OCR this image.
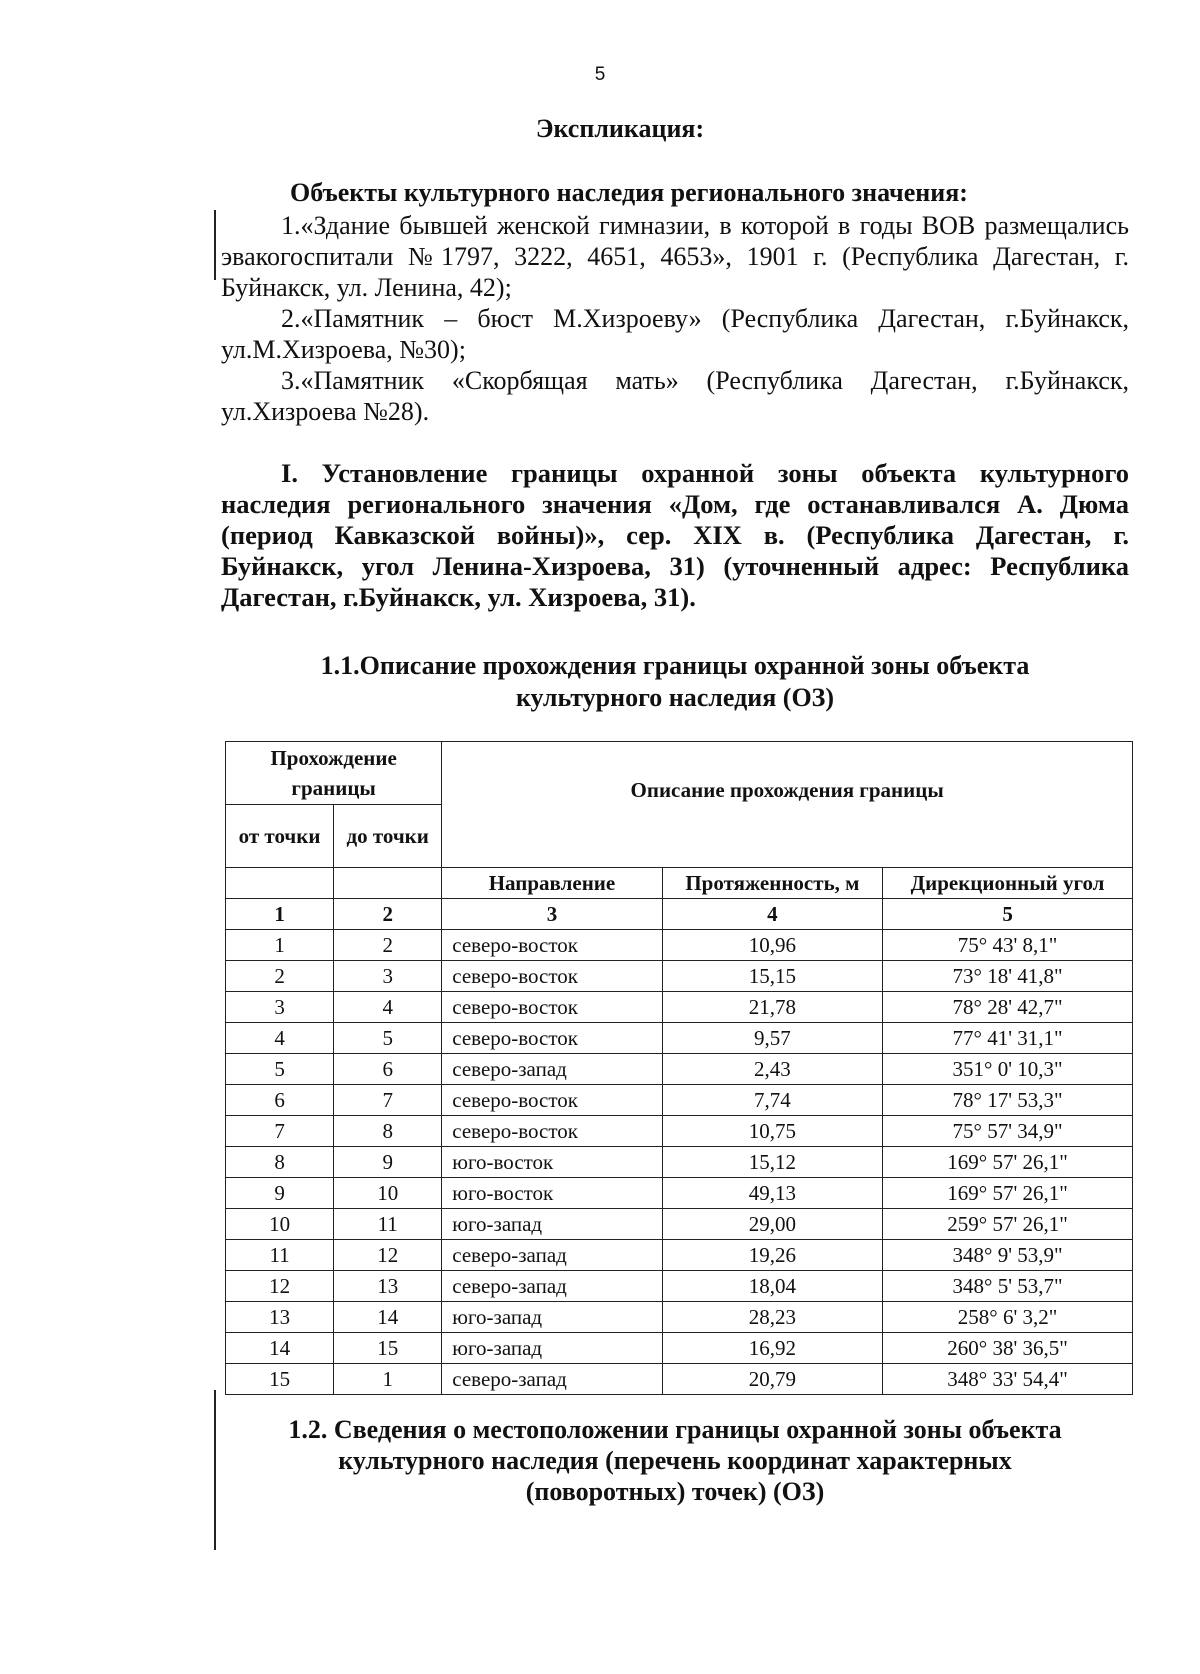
5
Экспликация:
Объекты культурного наследия регионального значения:

1.«Здание бывшей женской гимназии, в которой в годы ВОВ размещались эвакогоспитали №1797, 3222, 4651, 4653», 1901 г. (Республика Дагестан, г. Буйнакск, ул. Ленина, 42);

2.«Памятник – бюст М.Хизроеву» (Республика Дагестан, г.Буйнакск, ул.М.Хизроева, №30);

3.«Памятник «Скорбящая мать» (Республика Дагестан, г.Буйнакск, ул.Хизроева №28).

I. Установление границы охранной зоны объекта культурного наследия регионального значения «Дом, где останавливался А. Дюма (период Кавказской войны)», сер. XIX в. (Республика Дагестан, г. Буйнакск, угол Ленина-Хизроева, 31) (уточненный адрес: Республика Дагестан, г.Буйнакск, ул. Хизроева, 31).
1.1.Описание прохождения границы охранной зоны объекта
культурного наследия (ОЗ)
Прохождение границы		Описание прохождения границы		
от точки	до точки			
		Направление	Протяженность, м	Дирекционный угол
1	2	3	4	5
1	2	северо-восток	10,96	75° 43' 8,1"
2	3	северо-восток	15,15	73° 18' 41,8"
3	4	северо-восток	21,78	78° 28' 42,7"
4	5	северо-восток	9,57	77° 41' 31,1"
5	6	северо-запад	2,43	351° 0' 10,3"
6	7	северо-восток	7,74	78° 17' 53,3"
7	8	северо-восток	10,75	75° 57' 34,9"
8	9	юго-восток	15,12	169° 57' 26,1"
9	10	юго-восток	49,13	169° 57' 26,1"
10	11	юго-запад	29,00	259° 57' 26,1"
11	12	северо-запад	19,26	348° 9' 53,9"
12	13	северо-запад	18,04	348° 5' 53,7"
13	14	юго-запад	28,23	258° 6' 3,2"
14	15	юго-запад	16,92	260° 38' 36,5"
15	1	северо-запад	20,79	348° 33' 54,4"
1.2. Сведения о местоположении границы охранной зоны объекта
культурного наследия (перечень координат характерных
(поворотных) точек) (ОЗ)
